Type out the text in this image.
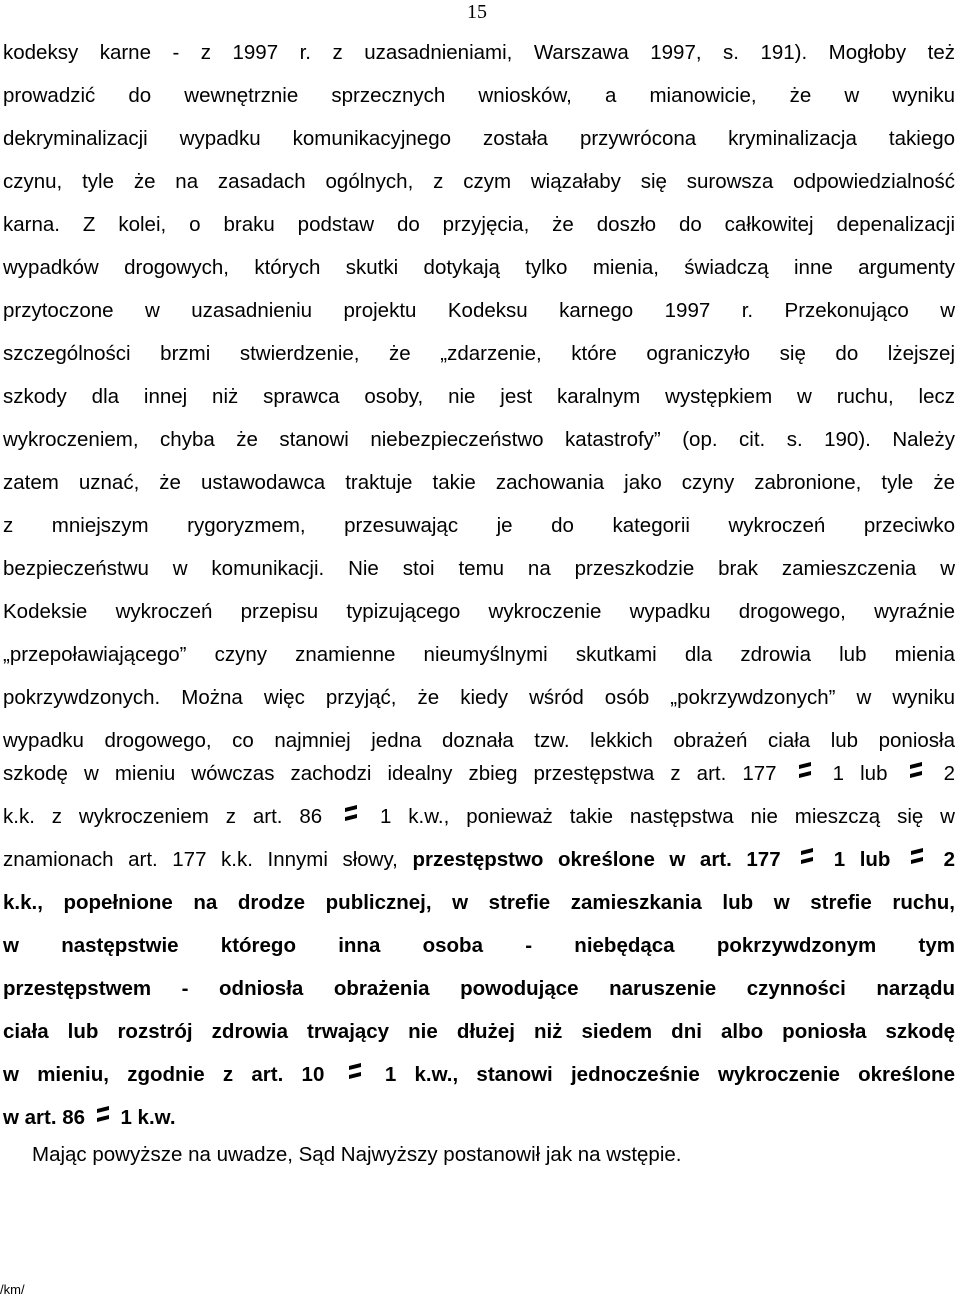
15
kodeksy karne - z 1997 r. z uzasadnieniami, Warszawa 1997, s. 191). Mogłoby też
prowadzić do wewnętrznie sprzecznych wniosków, a mianowicie, że w wyniku
dekryminalizacji wypadku komunikacyjnego została przywrócona kryminalizacja takiego
czynu, tyle że na zasadach ogólnych, z czym wiązałaby się surowsza odpowiedzialność
karna. Z kolei, o braku podstaw do przyjęcia, że doszło do całkowitej depenalizacji
wypadków drogowych, których skutki dotykają tylko mienia, świadczą inne argumenty
przytoczone w uzasadnieniu projektu Kodeksu karnego 1997 r. Przekonująco w
szczególności brzmi stwierdzenie, że „zdarzenie, które ograniczyło się do lżejszej
szkody dla innej niż sprawca osoby, nie jest karalnym występkiem w ruchu, lecz
wykroczeniem, chyba że stanowi niebezpieczeństwo katastrofy” (op. cit. s. 190). Należy
zatem uznać, że ustawodawca traktuje takie zachowania jako czyny zabronione, tyle że
z mniejszym rygoryzmem, przesuwając je do kategorii wykroczeń przeciwko
bezpieczeństwu w komunikacji. Nie stoi temu na przeszkodzie brak zamieszczenia w
Kodeksie wykroczeń przepisu typizującego wykroczenie wypadku drogowego, wyraźnie
„przepoławiającego” czyny znamienne nieumyślnymi skutkami dla zdrowia lub mienia
pokrzywdzonych. Można więc przyjąć, że kiedy wśród osób „pokrzywdzonych” w wyniku
wypadku drogowego, co najmniej jedna doznała tzw. lekkich obrażeń ciała lub poniosła
szkodę w mieniu wówczas zachodzi idealny zbieg przestępstwa z art. 177	1 lub	2
k.k. z wykroczeniem z art. 86	1 k.w., ponieważ takie następstwa nie mieszczą się w
znamionach art. 177 k.k. Innymi słowy, przestępstwo określone w art. 177	1 lub	2
k.k., popełnione na drodze publicznej, w strefie zamieszkania lub w strefie ruchu,
w następstwie którego inna osoba - niebędąca pokrzywdzonym tym
przestępstwem - odniosła obrażenia powodujące naruszenie czynności narządu
ciała lub rozstrój zdrowia trwający nie dłużej niż siedem dni albo poniosła szkodę
w mieniu, zgodnie z art. 10	1 k.w., stanowi jednocześnie wykroczenie określone
w art. 86 1 k.w.
Mając powyższe na uwadze, Sąd Najwyższy postanowił jak na wstępie.
/km/
